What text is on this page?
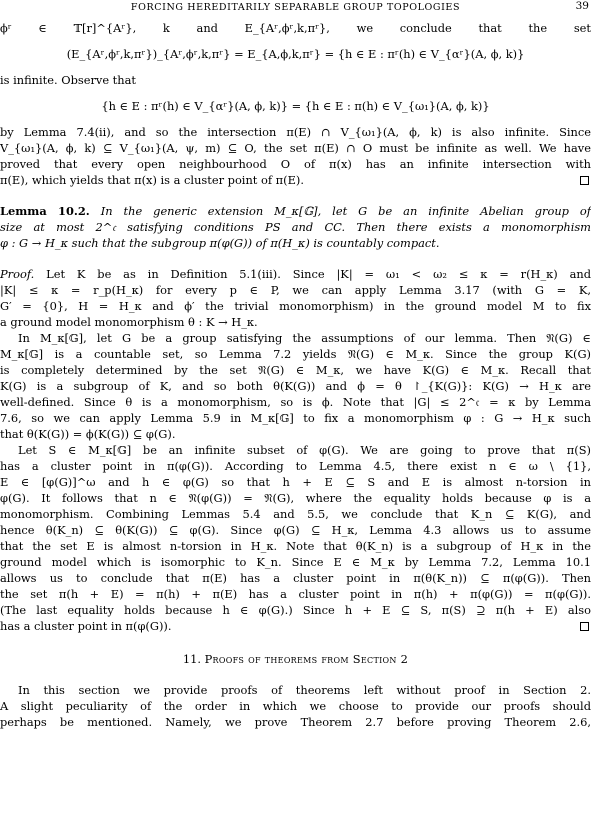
FORCING HEREDITARILY SEPARABLE GROUP TOPOLOGIES	39
ϕʳ ∈ 𝕋[r]^{Aʳ}, k and E_{Aʳ,ϕʳ,k,πʳ}, we conclude that the set
(E_{Aʳ,ϕʳ,k,πʳ})_{Aʳ,ϕʳ,k,πʳ} = E_{A,ϕ,k,πʳ} = {h ∈ E : πʳ(h) ∈ V_{αʳ}(A, ϕ, k)}
is infinite. Observe that
{h ∈ E : πʳ(h) ∈ V_{αʳ}(A, ϕ, k)} = {h ∈ E : π(h) ∈ V_{ω₁}(A, ϕ, k)}
by Lemma 7.4(ii), and so the intersection π(E) ∩ V_{ω₁}(A, ϕ, k) is also infinite. Since
V_{ω₁}(A, ϕ, k) ⊆ V_{ω₁}(A, ψ, m) ⊆ O, the set π(E) ∩ O must be infinite as well. We have
proved that every open neighbourhood O of π(x) has an infinite intersection with
π(E), which yields that π(x) is a cluster point of π(E).
Lemma 10.2. In the generic extension M_κ[𝔾], let G be an infinite Abelian group of
size at most 2^𝔠 satisfying conditions PS and CC. Then there exists a monomorphism
φ : G → H_κ such that the subgroup π(φ(G)) of π(H_κ) is countably compact.
Proof. Let K be as in Definition 5.1(iii). Since |K| = ω₁ < ω₂ ≤ κ = r(H_κ) and
|K| ≤ κ = r_p(H_κ) for every p ∈ P, we can apply Lemma 3.17 (with G = K,
G′ = {0}, H = H_κ and ϕ′ the trivial monomorphism) in the ground model M to fix
a ground model monomorphism θ : K → H_κ.
In M_κ[𝔾], let G be a group satisfying the assumptions of our lemma. Then 𝔑(G) ∈
M_κ[𝔾] is a countable set, so Lemma 7.2 yields 𝔑(G) ∈ M_κ. Since the group K(G)
is completely determined by the set 𝔑(G) ∈ M_κ, we have K(G) ∈ M_κ. Recall that
K(G) is a subgroup of K, and so both θ(K(G)) and ϕ = θ ↾_{K(G)}: K(G) → H_κ are
well-defined. Since θ is a monomorphism, so is ϕ. Note that |G| ≤ 2^𝔠 = κ by Lemma
7.6, so we can apply Lemma 5.9 in M_κ[𝔾] to fix a monomorphism φ : G → H_κ such
that θ(K(G)) = ϕ(K(G)) ⊆ φ(G).
Let S ∈ M_κ[𝔾] be an infinite subset of φ(G). We are going to prove that π(S)
has a cluster point in π(φ(G)). According to Lemma 4.5, there exist n ∈ ω \ {1},
E ∈ [φ(G)]^ω and h ∈ φ(G) so that h + E ⊆ S and E is almost n-torsion in
φ(G). It follows that n ∈ 𝔑(φ(G)) = 𝔑(G), where the equality holds because φ is a
monomorphism. Combining Lemmas 5.4 and 5.5, we conclude that K_n ⊆ K(G), and
hence θ(K_n) ⊆ θ(K(G)) ⊆ φ(G). Since φ(G) ⊆ H_κ, Lemma 4.3 allows us to assume
that the set E is almost n-torsion in H_κ. Note that θ(K_n) is a subgroup of H_κ in the
ground model which is isomorphic to K_n. Since E ∈ M_κ by Lemma 7.2, Lemma 10.1
allows us to conclude that π(E) has a cluster point in π(θ(K_n)) ⊆ π(φ(G)). Then
the set π(h + E) = π(h) + π(E) has a cluster point in π(h) + π(φ(G)) = π(φ(G)).
(The last equality holds because h ∈ φ(G).) Since h + E ⊆ S, π(S) ⊇ π(h + E) also
has a cluster point in π(φ(G)).
11. Proofs of theorems from Section 2
In this section we provide proofs of theorems left without proof in Section 2.
A slight peculiarity of the order in which we choose to provide our proofs should
perhaps be mentioned. Namely, we prove Theorem 2.7 before proving Theorem 2.6,
